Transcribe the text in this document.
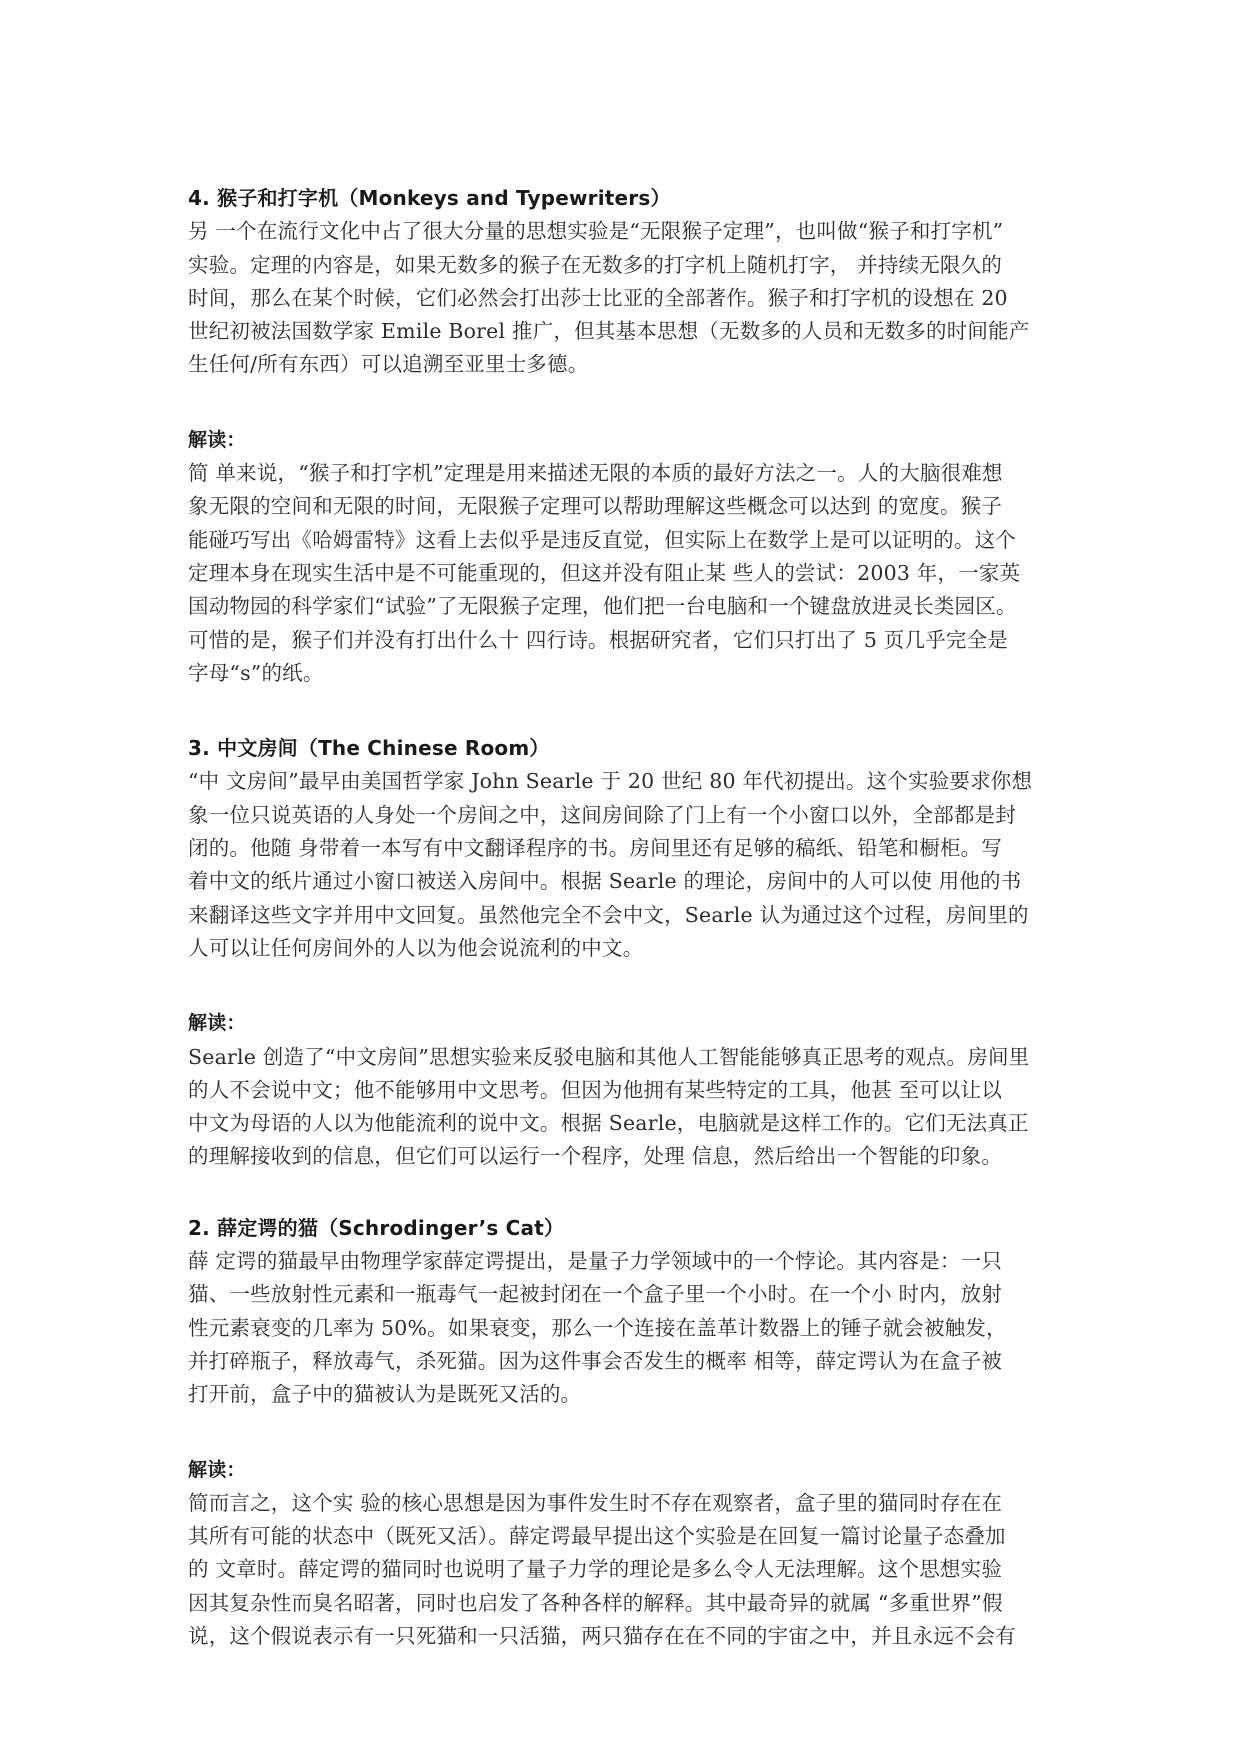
4. 猴子和打字机（Monkeys and Typewriters）
另 一个在流行文化中占了很大分量的思想实验是“无限猴子定理”，也叫做“猴子和打字机”
实验。定理的内容是，如果无数多的猴子在无数多的打字机上随机打字， 并持续无限久的
时间，那么在某个时候，它们必然会打出莎士比亚的全部著作。猴子和打字机的设想在 20
世纪初被法国数学家 Emile Borel 推广，但其基本思想（无数多的人员和无数多的时间能产
生任何/所有东西）可以追溯至亚里士多德。
解读：
简 单来说，“猴子和打字机”定理是用来描述无限的本质的最好方法之一。人的大脑很难想
象无限的空间和无限的时间，无限猴子定理可以帮助理解这些概念可以达到 的宽度。猴子
能碰巧写出《哈姆雷特》这看上去似乎是违反直觉，但实际上在数学上是可以证明的。这个
定理本身在现实生活中是不可能重现的，但这并没有阻止某 些人的尝试：2003 年，一家英
国动物园的科学家们“试验”了无限猴子定理，他们把一台电脑和一个键盘放进灵长类园区。
可惜的是，猴子们并没有打出什么十 四行诗。根据研究者，它们只打出了 5 页几乎完全是
字母“s”的纸。
3. 中文房间（The Chinese Room）
“中 文房间”最早由美国哲学家 John Searle 于 20 世纪 80 年代初提出。这个实验要求你想
象一位只说英语的人身处一个房间之中，这间房间除了门上有一个小窗口以外，全部都是封
闭的。他随 身带着一本写有中文翻译程序的书。房间里还有足够的稿纸、铅笔和橱柜。写
着中文的纸片通过小窗口被送入房间中。根据 Searle 的理论，房间中的人可以使 用他的书
来翻译这些文字并用中文回复。虽然他完全不会中文，Searle 认为通过这个过程，房间里的
人可以让任何房间外的人以为他会说流利的中文。
解读：
Searle 创造了“中文房间”思想实验来反驳电脑和其他人工智能能够真正思考的观点。房间里
的人不会说中文；他不能够用中文思考。但因为他拥有某些特定的工具，他甚 至可以让以
中文为母语的人以为他能流利的说中文。根据 Searle，电脑就是这样工作的。它们无法真正
的理解接收到的信息，但它们可以运行一个程序，处理 信息，然后给出一个智能的印象。
2. 薛定谔的猫（Schrodinger’s Cat）
薛 定谔的猫最早由物理学家薛定谔提出，是量子力学领域中的一个悖论。其内容是：一只
猫、一些放射性元素和一瓶毒气一起被封闭在一个盒子里一个小时。在一个小 时内，放射
性元素衰变的几率为 50%。如果衰变，那么一个连接在盖革计数器上的锤子就会被触发，
并打碎瓶子，释放毒气，杀死猫。因为这件事会否发生的概率 相等，薛定谔认为在盒子被
打开前，盒子中的猫被认为是既死又活的。
解读：
简而言之，这个实 验的核心思想是因为事件发生时不存在观察者，盒子里的猫同时存在在
其所有可能的状态中（既死又活）。薛定谔最早提出这个实验是在回复一篇讨论量子态叠加
的 文章时。薛定谔的猫同时也说明了量子力学的理论是多么令人无法理解。这个思想实验
因其复杂性而臭名昭著，同时也启发了各种各样的解释。其中最奇异的就属 “多重世界”假
说，这个假说表示有一只死猫和一只活猫，两只猫存在在不同的宇宙之中，并且永远不会有
